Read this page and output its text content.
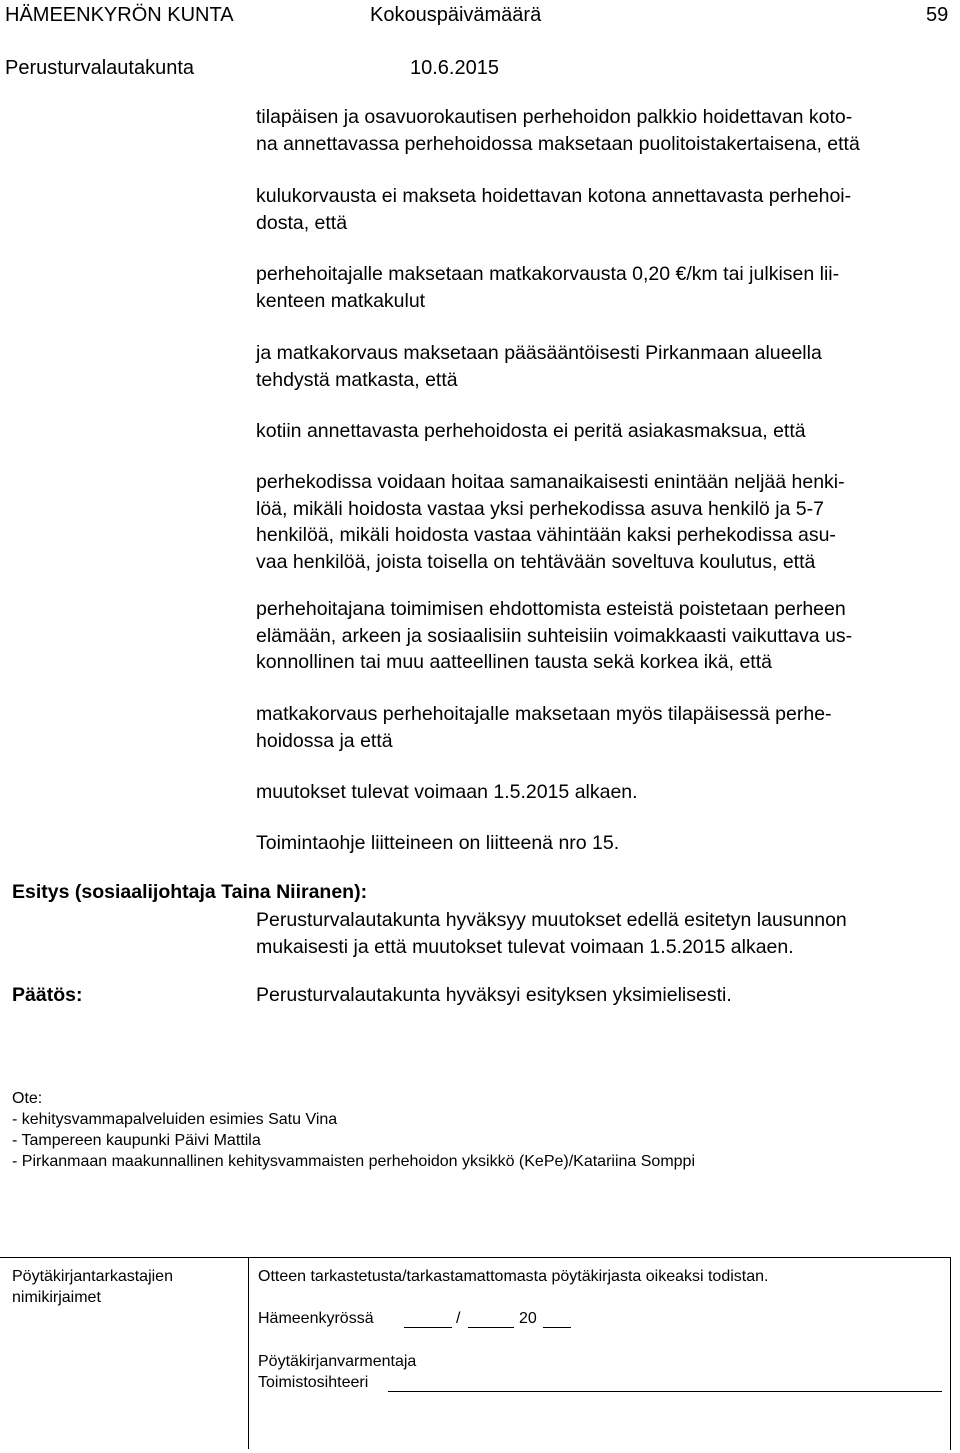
HÄMEENKYRÖN KUNTA	Kokouspäivämäärä	59
Perusturvalautakunta	10.6.2015
tilapäisen ja osavuorokautisen perhehoidon palkkio hoidettavan koto-
na annettavassa perhehoidossa maksetaan puolitoistakertaisena, että
kulukorvausta ei makseta hoidettavan kotona annettavasta perhehoi-
dosta, että
perhehoitajalle maksetaan matkakorvausta 0,20 €/km tai julkisen lii-
kenteen matkakulut
ja matkakorvaus maksetaan pääsääntöisesti Pirkanmaan alueella
tehdystä matkasta, että
kotiin annettavasta perhehoidosta ei peritä asiakasmaksua, että
perhekodissa voidaan hoitaa samanaikaisesti enintään neljää henki-
löä, mikäli hoidosta vastaa yksi perhekodissa asuva henkilö ja 5-7
henkilöä, mikäli hoidosta vastaa vähintään kaksi perhekodissa asu-
vaa henkilöä, joista toisella on tehtävään soveltuva koulutus, että
perhehoitajana toimimisen ehdottomista esteistä poistetaan perheen
elämään, arkeen ja sosiaalisiin suhteisiin voimakkaasti vaikuttava us-
konnollinen tai muu aatteellinen tausta sekä korkea ikä, että
matkakorvaus perhehoitajalle maksetaan myös tilapäisessä perhe-
hoidossa ja että
muutokset tulevat voimaan 1.5.2015 alkaen.
Toimintaohje liitteineen on liitteenä nro 15.
Esitys (sosiaalijohtaja Taina Niiranen):
Perusturvalautakunta hyväksyy muutokset edellä esitetyn lausunnon
mukaisesti ja että muutokset tulevat voimaan 1.5.2015 alkaen.
Päätös:	Perusturvalautakunta hyväksyi esityksen yksimielisesti.
Ote:
- kehitysvammapalveluiden esimies Satu Vina
- Tampereen kaupunki Päivi Mattila
- Pirkanmaan maakunnallinen kehitysvammaisten perhehoidon yksikkö (KePe)/Katariina Somppi
Pöytäkirjantarkastajien
nimikirjaimet
Otteen tarkastetusta/tarkastamattomasta pöytäkirjasta oikeaksi todistan.
Hämeenkyrössä	/	20
Pöytäkirjanvarmentaja
Toimistosihteeri
